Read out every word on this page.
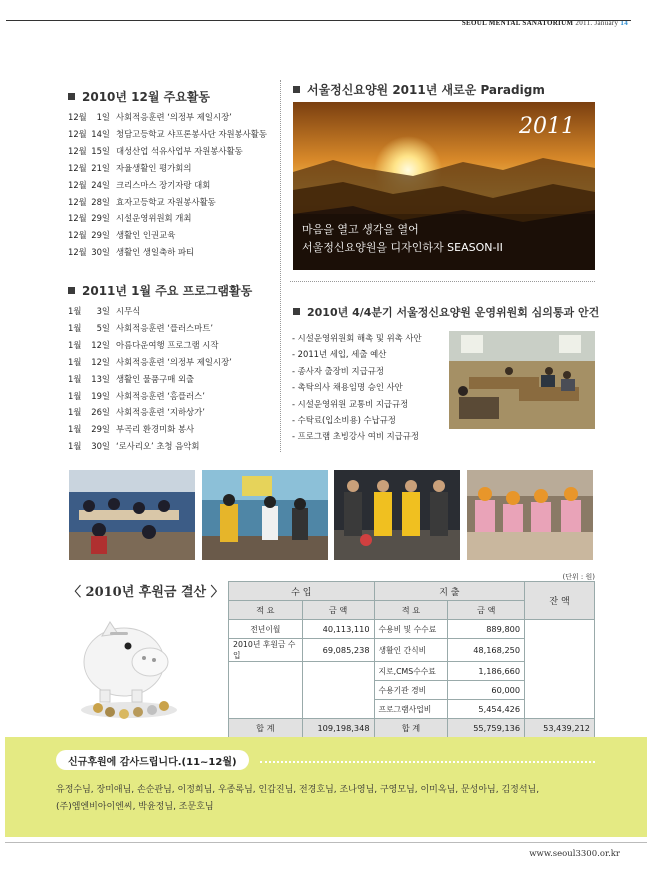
SEOUL MENTAL SANATORIUM 2011. January 14
2010년 12월 주요활동
12월 1일 사회적응훈련 ‘의정부 제일시장’
12월 14일 청담고등학교 샤프론봉사단 자원봉사활동
12월 15일 대성산업 석유사업부 자원봉사활동
12월 21일 자율생활인 평가회의
12월 24일 크리스마스 장기자랑 대회
12월 28일 효자고등학교 자원봉사활동
12월 29일 시설운영위원회 개최
12월 29일 생활인 인권교육
12월 30일 생활인 생일축하 파티
2011년 1월 주요 프로그램활동
1월 3일 시무식
1월 5일 사회적응훈련 ‘플러스마트’
1월 12일 아름다운여행 프로그램 시작
1월 12일 사회적응훈련 ‘의정부 제일시장’
1월 13일 생활인 물품구매 외출
1월 19일 사회적응훈련 ‘홈플러스’
1월 26일 사회적응훈련 ‘지하상가’
1월 29일 부곡리 환경미화 봉사
1월 30일 ‘로사리오’ 초청 음악회
서울정신요양원 2011년 새로운 Paradigm
2011
마음을 열고 생각을 열어
서울정신요양원을 디자인하자 SEASON-II
2010년 4/4분기 서울정신요양원 운영위원회 심의통과 안건
- 시설운영위원회 해촉 및 위촉 사안
- 2011년 세입, 세출 예산
- 종사자 출장비 지급규정
- 촉탁의사 채용임명 승인 사안
- 시설운영위원 교통비 지급규정
- 수탁료(입소비용) 수납규정
- 프로그램 초빙강사 여비 지급규정
(단위 : 원)
〈 2010년 후원금 결산 〉	수 입		지 출		잔 액
적 요	금 액	적 요	금 액	
전년이월	40,113,110	수용비 및 수수료	889,800	
2010년 후원금 수입	69,085,238	생활인 간식비	48,168,250	
		지로,CMS수수료	1,186,660	
		수용기관 경비	60,000	
		프로그램사업비	5,454,426	
합 계	109,198,348	합 계	55,759,136	53,439,212
신규후원에 감사드립니다.(11~12월)
유정수님, 장미애님, 손순관님, 이정희님, 우종록님, 인갑진님, 전경호님, 조나영님, 구영모님, 이미옥님, 문성아님, 김정석님,
(주)엠엔비아이엔씨, 박윤정님, 조문호님
www.seoul3300.or.kr
